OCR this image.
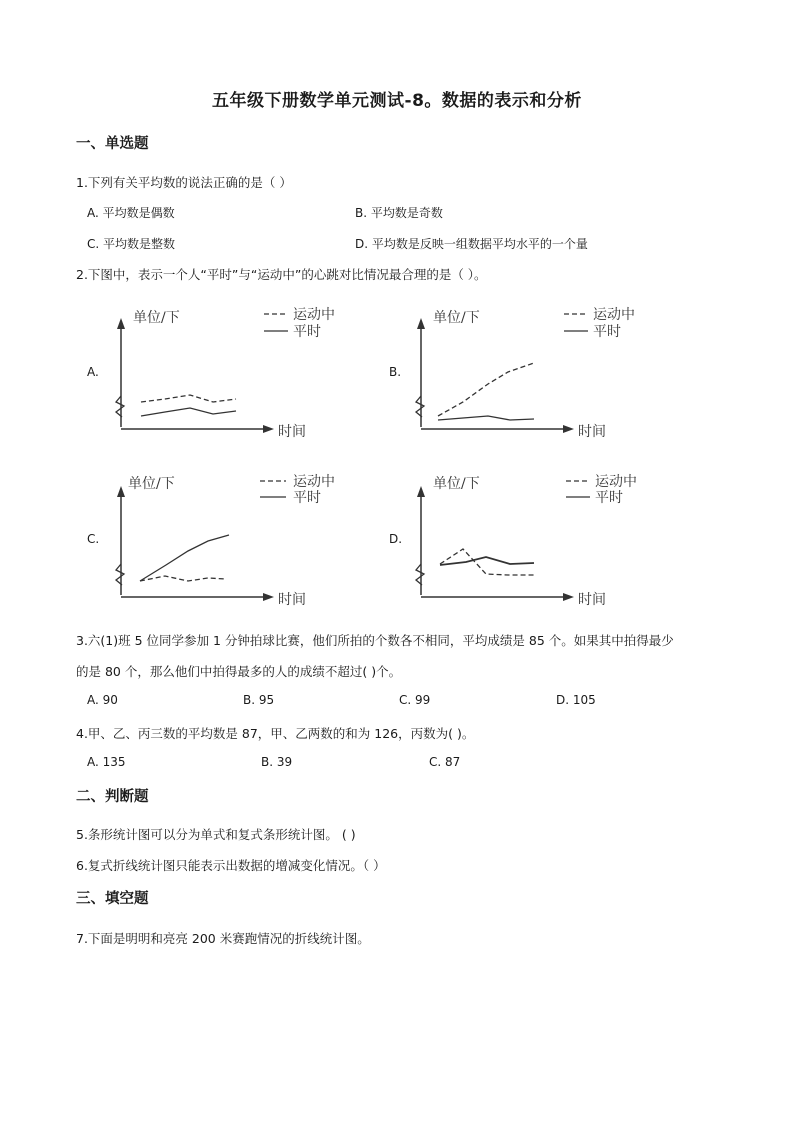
五年级下册数学单元测试-8。数据的表示和分析
一、单选题
1.下列有关平均数的说法正确的是（ ）
A. 平均数是偶数	B. 平均数是奇数
C. 平均数是整数	D. 平均数是反映一组数据平均水平的一个量
2.下图中，表示一个人“平时”与“运动中”的心跳对比情况最合理的是（ ）。
A.	B.
C.	D.
单位/下
时间
运动中
平时
单位/下
时间
运动中
平时
单位/下
时间
运动中
平时
单位/下
时间
运动中
平时
3.六(1)班 5 位同学参加 1 分钟拍球比赛，他们所拍的个数各不相同，平均成绩是 85 个。如果其中拍得最少
的是 80 个，那么他们中拍得最多的人的成绩不超过( )个。
A. 90	B. 95	C. 99	D. 105
4.甲、乙、丙三数的平均数是 87，甲、乙两数的和为 126，丙数为( )。
A. 135	B. 39	C. 87
二、判断题
5.条形统计图可以分为单式和复式条形统计图。 ( )
6.复式折线统计图只能表示出数据的增减变化情况。（ ）
三、填空题
7.下面是明明和亮亮 200 米赛跑情况的折线统计图。
